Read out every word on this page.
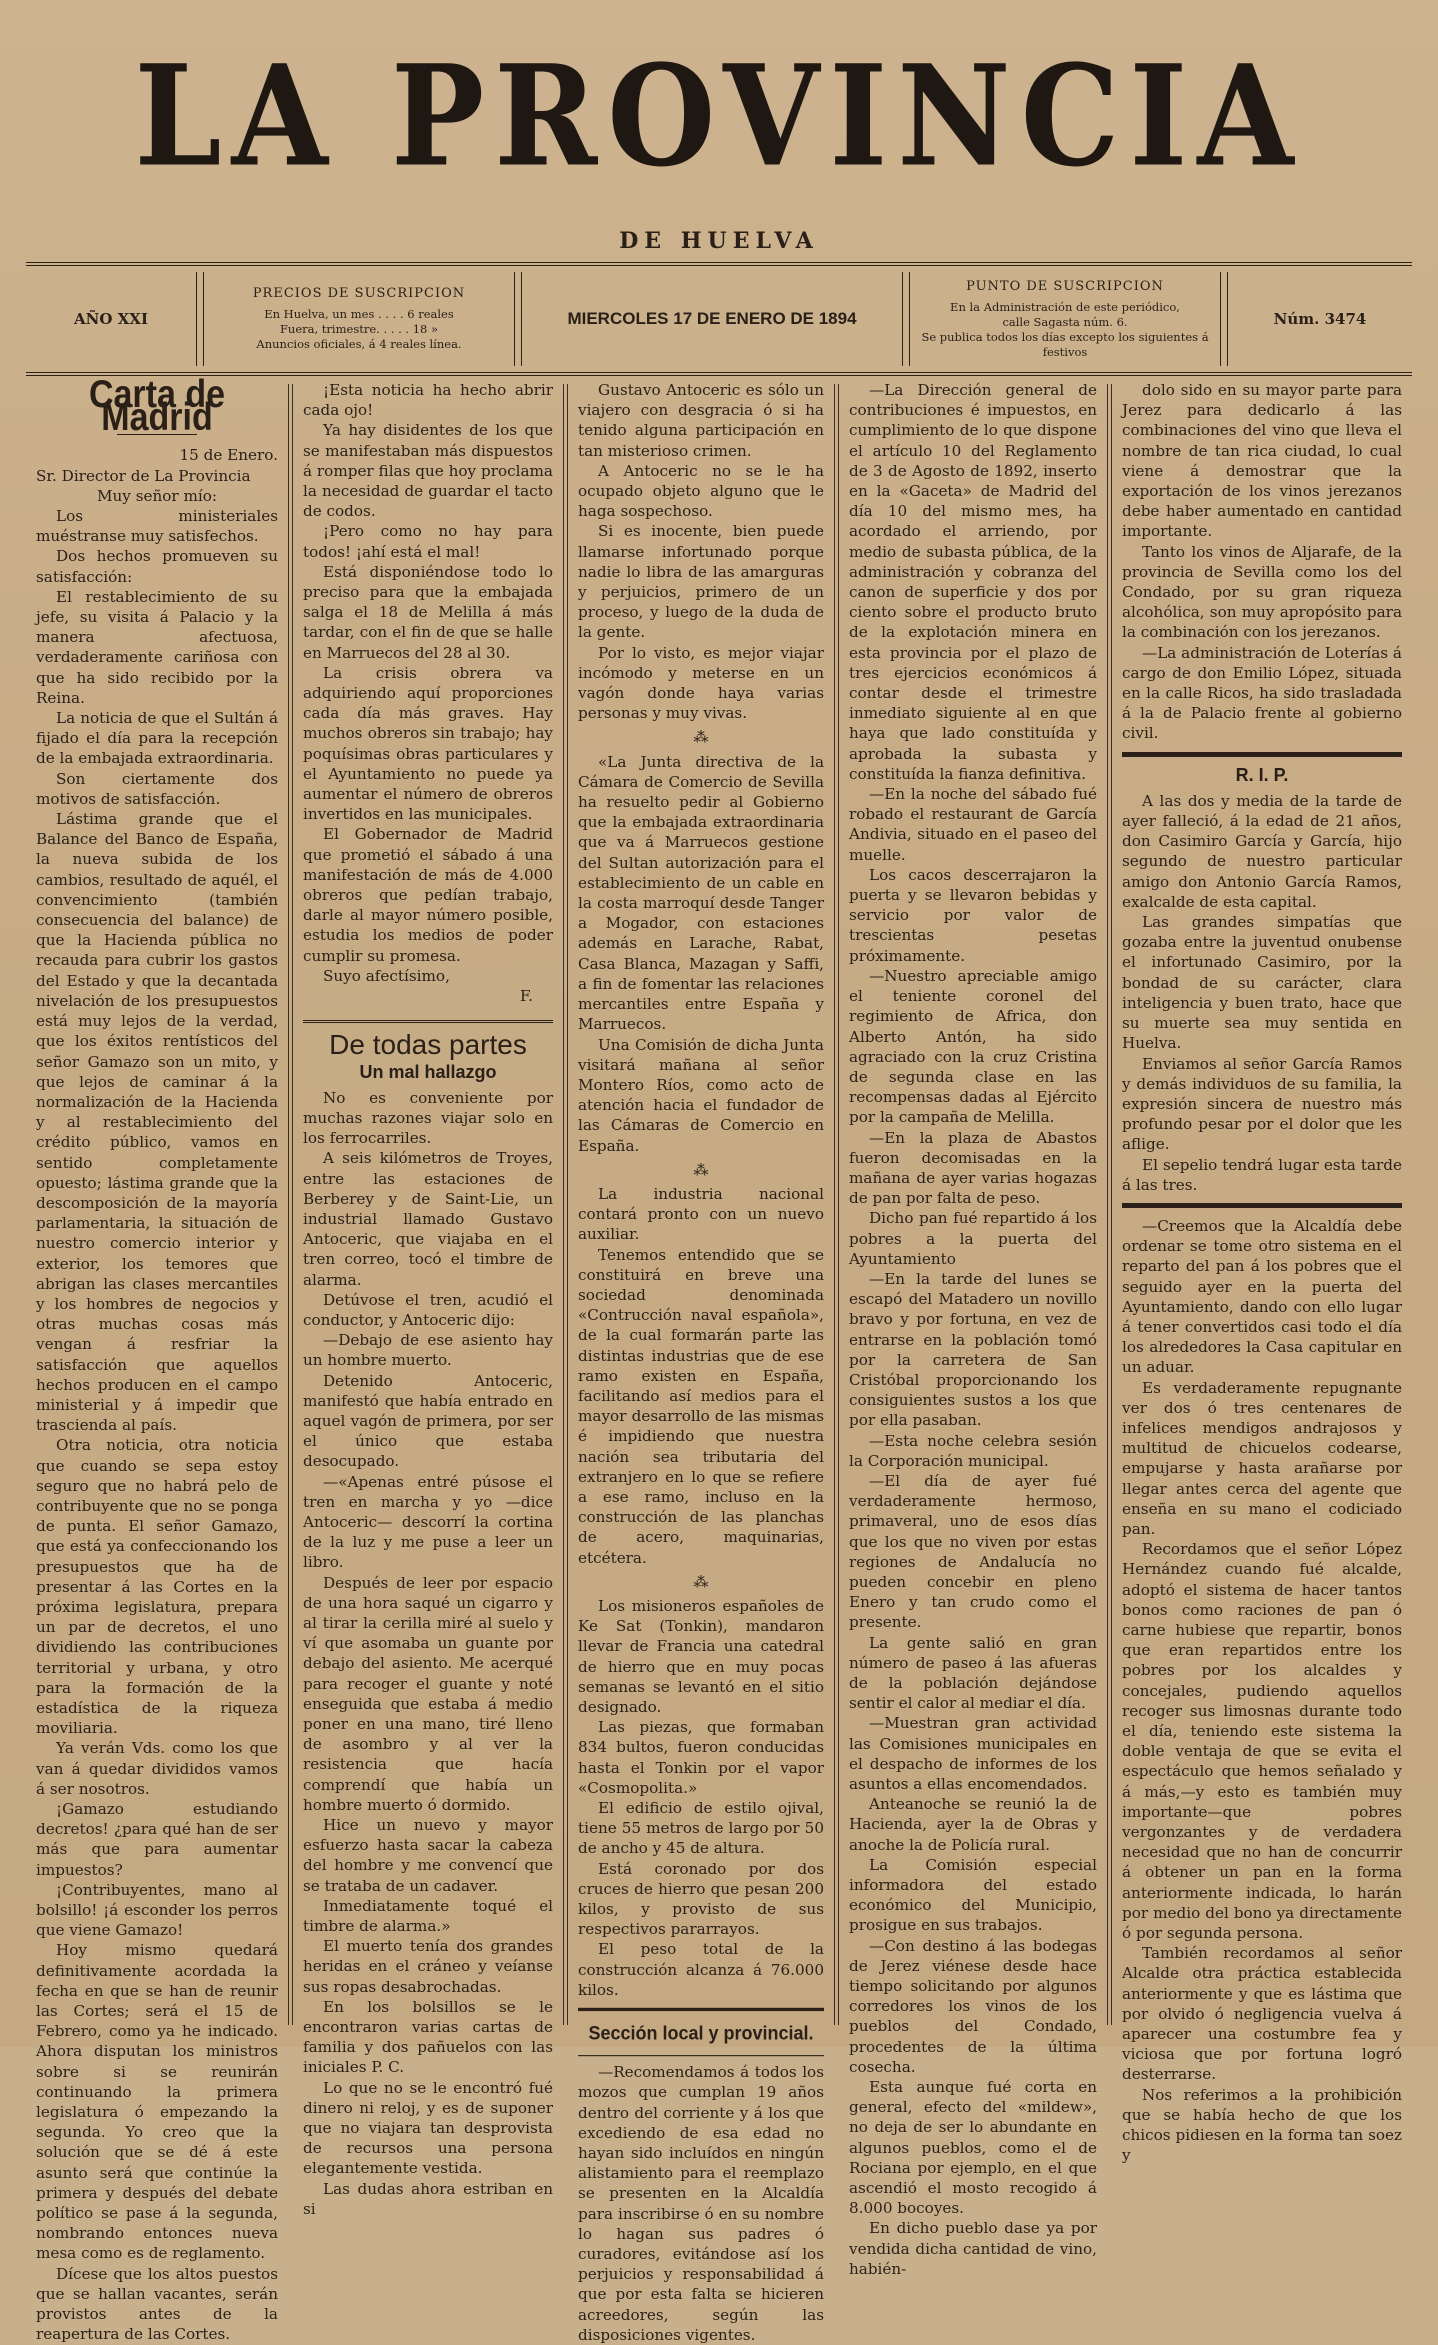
LA PROVINCIA
DE HUELVA
AÑO XXI
PRECIOS DE SUSCRIPCION
En Huelva, un mes . . . . 6 reales
Fuera, trimestre. . . . . 18 »
Anuncios oficiales, á 4 reales línea.
MIERCOLES 17 DE ENERO DE 1894
PUNTO DE SUSCRIPCION
En la Administración de este periódico,
calle Sagasta núm. 6.
Se publica todos los días excepto los siguientes á festivos
Núm. 3474
Carta de Madrid
15 de Enero.

Sr. Director de La Provincia

Muy señor mío:

Los ministeriales muéstranse muy satisfechos.

Dos hechos promueven su satisfacción:

El restablecimiento de su jefe, su visita á Palacio y la manera afectuosa, verdaderamente cariñosa con que ha sido recibido por la Reina.

La noticia de que el Sultán á fijado el día para la recepción de la embajada extraordinaria.

Son ciertamente dos motivos de satisfacción.

Lástima grande que el Balance del Banco de España, la nueva subida de los cambios, resultado de aquél, el convencimiento (también consecuencia del balance) de que la Hacienda pública no recauda para cubrir los gastos del Estado y que la decantada nivelación de los presupuestos está muy lejos de la verdad, que los éxitos rentísticos del señor Gamazo son un mito, y que lejos de caminar á la normalización de la Hacienda y al restablecimiento del crédito público, vamos en sentido completamente opuesto; lástima grande que la descomposición de la mayoría parlamentaria, la situación de nuestro comercio interior y exterior, los temores que abrigan las clases mercantiles y los hombres de negocios y otras muchas cosas más vengan á resfriar la satisfacción que aquellos hechos producen en el campo ministerial y á impedir que trascienda al país.

Otra noticia, otra noticia que cuando se sepa estoy seguro que no habrá pelo de contribuyente que no se ponga de punta. El señor Gamazo, que está ya confeccionando los presupuestos que ha de presentar á las Cortes en la próxima legislatura, prepara un par de decretos, el uno dividiendo las contribuciones territorial y urbana, y otro para la formación de la estadística de la riqueza moviliaria.

Ya verán Vds. como los que van á quedar divididos vamos á ser nosotros.

¡Gamazo estudiando decretos! ¿para qué han de ser más que para aumentar impuestos?

¡Contribuyentes, mano al bolsillo! ¡á esconder los perros que viene Gamazo!

Hoy mismo quedará definitivamente acordada la fecha en que se han de reunir las Cortes; será el 15 de Febrero, como ya he indicado. Ahora disputan los ministros sobre si se reunirán continuando la primera legislatura ó empezando la segunda. Yo creo que la solución que se dé á este asunto será que continúe la primera y después del debate político se pase á la segunda, nombrando entonces nueva mesa como es de reglamento.

Dícese que los altos puestos que se hallan vacantes, serán provistos antes de la reapertura de las Cortes.

¡Esta noticia ha hecho abrir cada ojo!

Ya hay disidentes de los que se manifestaban más dispuestos á romper filas que hoy proclama la necesidad de guardar el tacto de codos.

¡Pero como no hay para todos! ¡ahí está el mal!

Está disponiéndose todo lo preciso para que la embajada salga el 18 de Melilla á más tardar, con el fin de que se halle en Marruecos del 28 al 30.

La crisis obrera va adquiriendo aquí proporciones cada día más graves. Hay muchos obreros sin trabajo; hay poquísimas obras particulares y el Ayuntamiento no puede ya aumentar el número de obreros invertidos en las municipales.

El Gobernador de Madrid que prometió el sábado á una manifestación de más de 4.000 obreros que pedían trabajo, darle al mayor número posible, estudia los medios de poder cumplir su promesa.

Suyo afectísimo,

F.
De todas partes
Un mal hallazgo

No es conveniente por muchas razones viajar solo en los ferrocarriles.

A seis kilómetros de Troyes, entre las estaciones de Berberey y de Saint-Lie, un industrial llamado Gustavo Antoceric, que viajaba en el tren correo, tocó el timbre de alarma.

Detúvose el tren, acudió el conductor, y Antoceric dijo:

—Debajo de ese asiento hay un hombre muerto.

Detenido Antoceric, manifestó que había entrado en aquel vagón de primera, por ser el único que estaba desocupado.

—«Apenas entré púsose el tren en marcha y yo —dice Antoceric— descorrí la cortina de la luz y me puse a leer un libro.

Después de leer por espacio de una hora saqué un cigarro y al tirar la cerilla miré al suelo y ví que asomaba un guante por debajo del asiento. Me acerqué para recoger el guante y noté enseguida que estaba á medio poner en una mano, tiré lleno de asombro y al ver la resistencia que hacía comprendí que había un hombre muerto ó dormido.

Hice un nuevo y mayor esfuerzo hasta sacar la cabeza del hombre y me convencí que se trataba de un cadaver.

Inmediatamente toqué el timbre de alarma.»

El muerto tenía dos grandes heridas en el cráneo y veíanse sus ropas desabrochadas.

En los bolsillos se le encontraron varias cartas de familia y dos pañuelos con las iniciales P. C.

Lo que no se le encontró fué dinero ni reloj, y es de suponer que no viajara tan desprovista de recursos una persona elegantemente vestida.

Las dudas ahora estriban en si

Gustavo Antoceric es sólo un viajero con desgracia ó si ha tenido alguna participación en tan misterioso crimen.

A Antoceric no se le ha ocupado objeto alguno que le haga sospechoso.

Si es inocente, bien puede llamarse infortunado porque nadie lo libra de las amarguras y perjuicios, primero de un proceso, y luego de la duda de la gente.

Por lo visto, es mejor viajar incómodo y meterse en un vagón donde haya varias personas y muy vivas.

⁂

«La Junta directiva de la Cámara de Comercio de Sevilla ha resuelto pedir al Gobierno que la embajada extraordinaria que va á Marruecos gestione del Sultan autorización para el establecimiento de un cable en la costa marroquí desde Tanger a Mogador, con estaciones además en Larache, Rabat, Casa Blanca, Mazagan y Saffi, a fin de fomentar las relaciones mercantiles entre España y Marruecos.

Una Comisión de dicha Junta visitará mañana al señor Montero Ríos, como acto de atención hacia el fundador de las Cámaras de Comercio en España.

⁂

La industria nacional contará pronto con un nuevo auxiliar.

Tenemos entendido que se constituirá en breve una sociedad denominada «Contrucción naval española», de la cual formarán parte las distintas industrias que de ese ramo existen en España, facilitando así medios para el mayor desarrollo de las mismas é impidiendo que nuestra nación sea tributaria del extranjero en lo que se refiere a ese ramo, incluso en la construcción de las planchas de acero, maquinarias, etcétera.

⁂

Los misioneros españoles de Ke Sat (Tonkin), mandaron llevar de Francia una catedral de hierro que en muy pocas semanas se levantó en el sitio designado.

Las piezas, que formaban 834 bultos, fueron conducidas hasta el Tonkin por el vapor «Cosmopolita.»

El edificio de estilo ojival, tiene 55 metros de largo por 50 de ancho y 45 de altura.

Está coronado por dos cruces de hierro que pesan 200 kilos, y provisto de sus respectivos pararrayos.

El peso total de la construcción alcanza á 76.000 kilos.

Sección local y provincial.

—Recomendamos á todos los mozos que cumplan 19 años dentro del corriente y á los que excediendo de esa edad no hayan sido incluídos en ningún alistamiento para el reemplazo se presenten en la Alcaldía para inscribirse ó en su nombre lo hagan sus padres ó curadores, evitándose así los perjuicios y responsabilidad á que por esta falta se hicieren acreedores, según las disposiciones vigentes.

—La Dirección general de contribuciones é impuestos, en cumplimiento de lo que dispone el artículo 10 del Reglamento de 3 de Agosto de 1892, inserto en la «Gaceta» de Madrid del día 10 del mismo mes, ha acordado el arriendo, por medio de subasta pública, de la administración y cobranza del canon de superficie y dos por ciento sobre el producto bruto de la explotación minera en esta provincia por el plazo de tres ejercicios económicos á contar desde el trimestre inmediato siguiente al en que haya que lado constituída y aprobada la subasta y constituída la fianza definitiva.

—En la noche del sábado fué robado el restaurant de García Andivia, situado en el paseo del muelle.

Los cacos descerrajaron la puerta y se llevaron bebidas y servicio por valor de trescientas pesetas próximamente.

—Nuestro apreciable amigo el teniente coronel del regimiento de Africa, don Alberto Antón, ha sido agraciado con la cruz Cristina de segunda clase en las recompensas dadas al Ejército por la campaña de Melilla.

—En la plaza de Abastos fueron decomisadas en la mañana de ayer varias hogazas de pan por falta de peso.

Dicho pan fué repartido á los pobres a la puerta del Ayuntamiento

—En la tarde del lunes se escapó del Matadero un novillo bravo y por fortuna, en vez de entrarse en la población tomó por la carretera de San Cristóbal proporcionando los consiguientes sustos a los que por ella pasaban.

—Esta noche celebra sesión la Corporación municipal.

—El día de ayer fué verdaderamente hermoso, primaveral, uno de esos días que los que no viven por estas regiones de Andalucía no pueden concebir en pleno Enero y tan crudo como el presente.

La gente salió en gran número de paseo á las afueras de la población dejándose sentir el calor al mediar el día.

—Muestran gran actividad las Comisiones municipales en el despacho de informes de los asuntos a ellas encomendados.

Anteanoche se reunió la de Hacienda, ayer la de Obras y anoche la de Policía rural.

La Comisión especial informadora del estado económico del Municipio, prosigue en sus trabajos.

—Con destino á las bodegas de Jerez viénese desde hace tiempo solicitando por algunos corredores los vinos de los pueblos del Condado, procedentes de la última cosecha.

Esta aunque fué corta en general, efecto del «mildew», no deja de ser lo abundante en algunos pueblos, como el de Rociana por ejemplo, en el que ascendió el mosto recogido á 8.000 bocoyes.

En dicho pueblo dase ya por vendida dicha cantidad de vino, habién-

dolo sido en su mayor parte para Jerez para dedicarlo á las combinaciones del vino que lleva el nombre de tan rica ciudad, lo cual viene á demostrar que la exportación de los vinos jerezanos debe haber aumentado en cantidad importante.

Tanto los vinos de Aljarafe, de la provincia de Sevilla como los del Condado, por su gran riqueza alcohólica, son muy apropósito para la combinación con los jerezanos.

—La administración de Loterías á cargo de don Emilio López, situada en la calle Ricos, ha sido trasladada á la de Palacio frente al gobierno civil.

R. I. P.

A las dos y media de la tarde de ayer falleció, á la edad de 21 años, don Casimiro García y García, hijo segundo de nuestro particular amigo don Antonio García Ramos, exalcalde de esta capital.

Las grandes simpatías que gozaba entre la juventud onubense el infortunado Casimiro, por la bondad de su carácter, clara inteligencia y buen trato, hace que su muerte sea muy sentida en Huelva.

Enviamos al señor García Ramos y demás individuos de su familia, la expresión sincera de nuestro más profundo pesar por el dolor que les aflige.

El sepelio tendrá lugar esta tarde á las tres.

—Creemos que la Alcaldía debe ordenar se tome otro sistema en el reparto del pan á los pobres que el seguido ayer en la puerta del Ayuntamiento, dando con ello lugar á tener convertidos casi todo el día los alrededores la Casa capitular en un aduar.

Es verdaderamente repugnante ver dos ó tres centenares de infelices mendigos andrajosos y multitud de chicuelos codearse, empujarse y hasta arañarse por llegar antes cerca del agente que enseña en su mano el codiciado pan.

Recordamos que el señor López Hernández cuando fué alcalde, adoptó el sistema de hacer tantos bonos como raciones de pan ó carne hubiese que repartir, bonos que eran repartidos entre los pobres por los alcaldes y concejales, pudiendo aquellos recoger sus limosnas durante todo el día, teniendo este sistema la doble ventaja de que se evita el espectáculo que hemos señalado y á más,—y esto es también muy importante—que pobres vergonzantes y de verdadera necesidad que no han de concurrir á obtener un pan en la forma anteriormente indicada, lo harán por medio del bono ya directamente ó por segunda persona.

También recordamos al señor Alcalde otra práctica establecida anteriormente y que es lástima que por olvido ó negligencia vuelva á aparecer una costumbre fea y viciosa que por fortuna logró desterrarse.

Nos referimos a la prohibición que se había hecho de que los chicos pidiesen en la forma tan soez y
